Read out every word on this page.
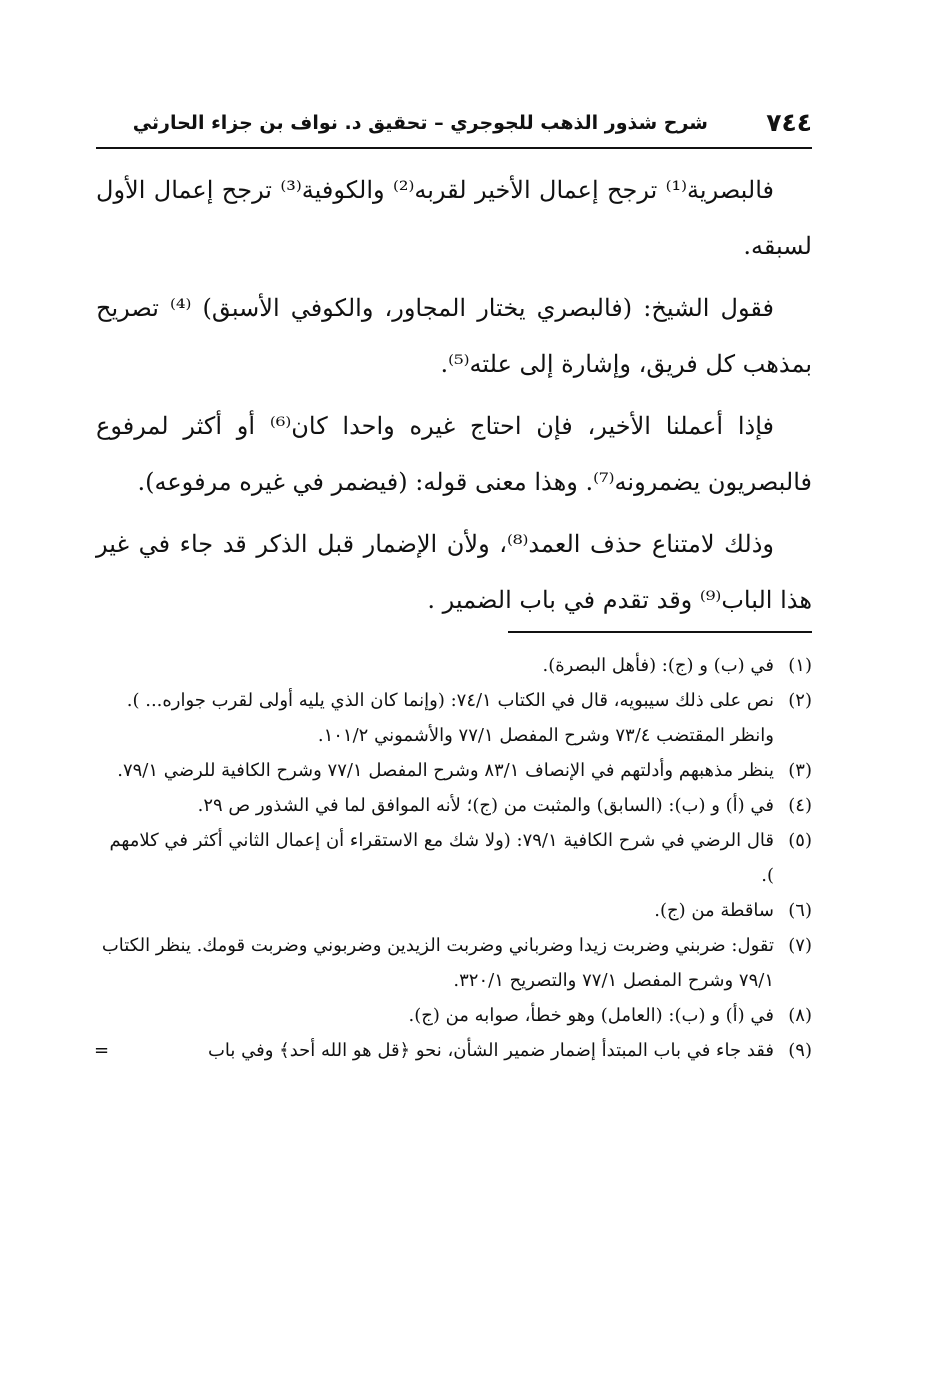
٧٤٤
شرح شذور الذهب للجوجري – تحقيق د. نواف بن جزاء الحارثي

فالبصرية⁽¹⁾ ترجح إعمال الأخير لقربه⁽²⁾ والكوفية⁽³⁾ ترجح إعمال الأول لسبقه.

فقول الشيخ: (فالبصري يختار المجاور، والكوفي الأسبق) ⁽⁴⁾ تصريح بمذهب كل فريق، وإشارة إلى علته⁽⁵⁾.

فإذا أعملنا الأخير، فإن احتاج غيره واحدا كان⁽⁶⁾ أو أكثر لمرفوع فالبصريون يضمرونه⁽⁷⁾. وهذا معنى قوله: (فيضمر في غيره مرفوعه).

وذلك لامتناع حذف العمد⁽⁸⁾، ولأن الإضمار قبل الذكر قد جاء في غير هذا الباب⁽⁹⁾ وقد تقدم في باب الضمير .

(١)
في (ب) و (ج): (فأهل البصرة).
(٢)
نص على ذلك سيبويه، قال في الكتاب ٧٤/١: (وإنما كان الذي يليه أولى لقرب جواره... ). وانظر المقتضب ٧٣/٤ وشرح المفصل ٧٧/١ والأشموني ١٠١/٢.
(٣)
ينظر مذهبهم وأدلتهم في الإنصاف ٨٣/١ وشرح المفصل ٧٧/١ وشرح الكافية للرضي ٧٩/١.
(٤)
في (أ) و (ب): (السابق) والمثبت من (ج)؛ لأنه الموافق لما في الشذور ص ٢٩.
(٥)
قال الرضي في شرح الكافية ٧٩/١: (ولا شك مع الاستقراء أن إعمال الثاني أكثر في كلامهم ).
(٦)
ساقطة من (ج).
(٧)
تقول: ضربني وضربت زيدا وضرباني وضربت الزيدين وضربوني وضربت قومك. ينظر الكتاب ٧٩/١ وشرح المفصل ٧٧/١ والتصريح ٣٢٠/١.
(٨)
في (أ) و (ب): (العامل) وهو خطأ، صوابه من (ج).
(٩)
فقد جاء في باب المبتدأ إضمار ضمير الشأن، نحو ﴿قل هو الله أحد﴾ وفي باب
=
